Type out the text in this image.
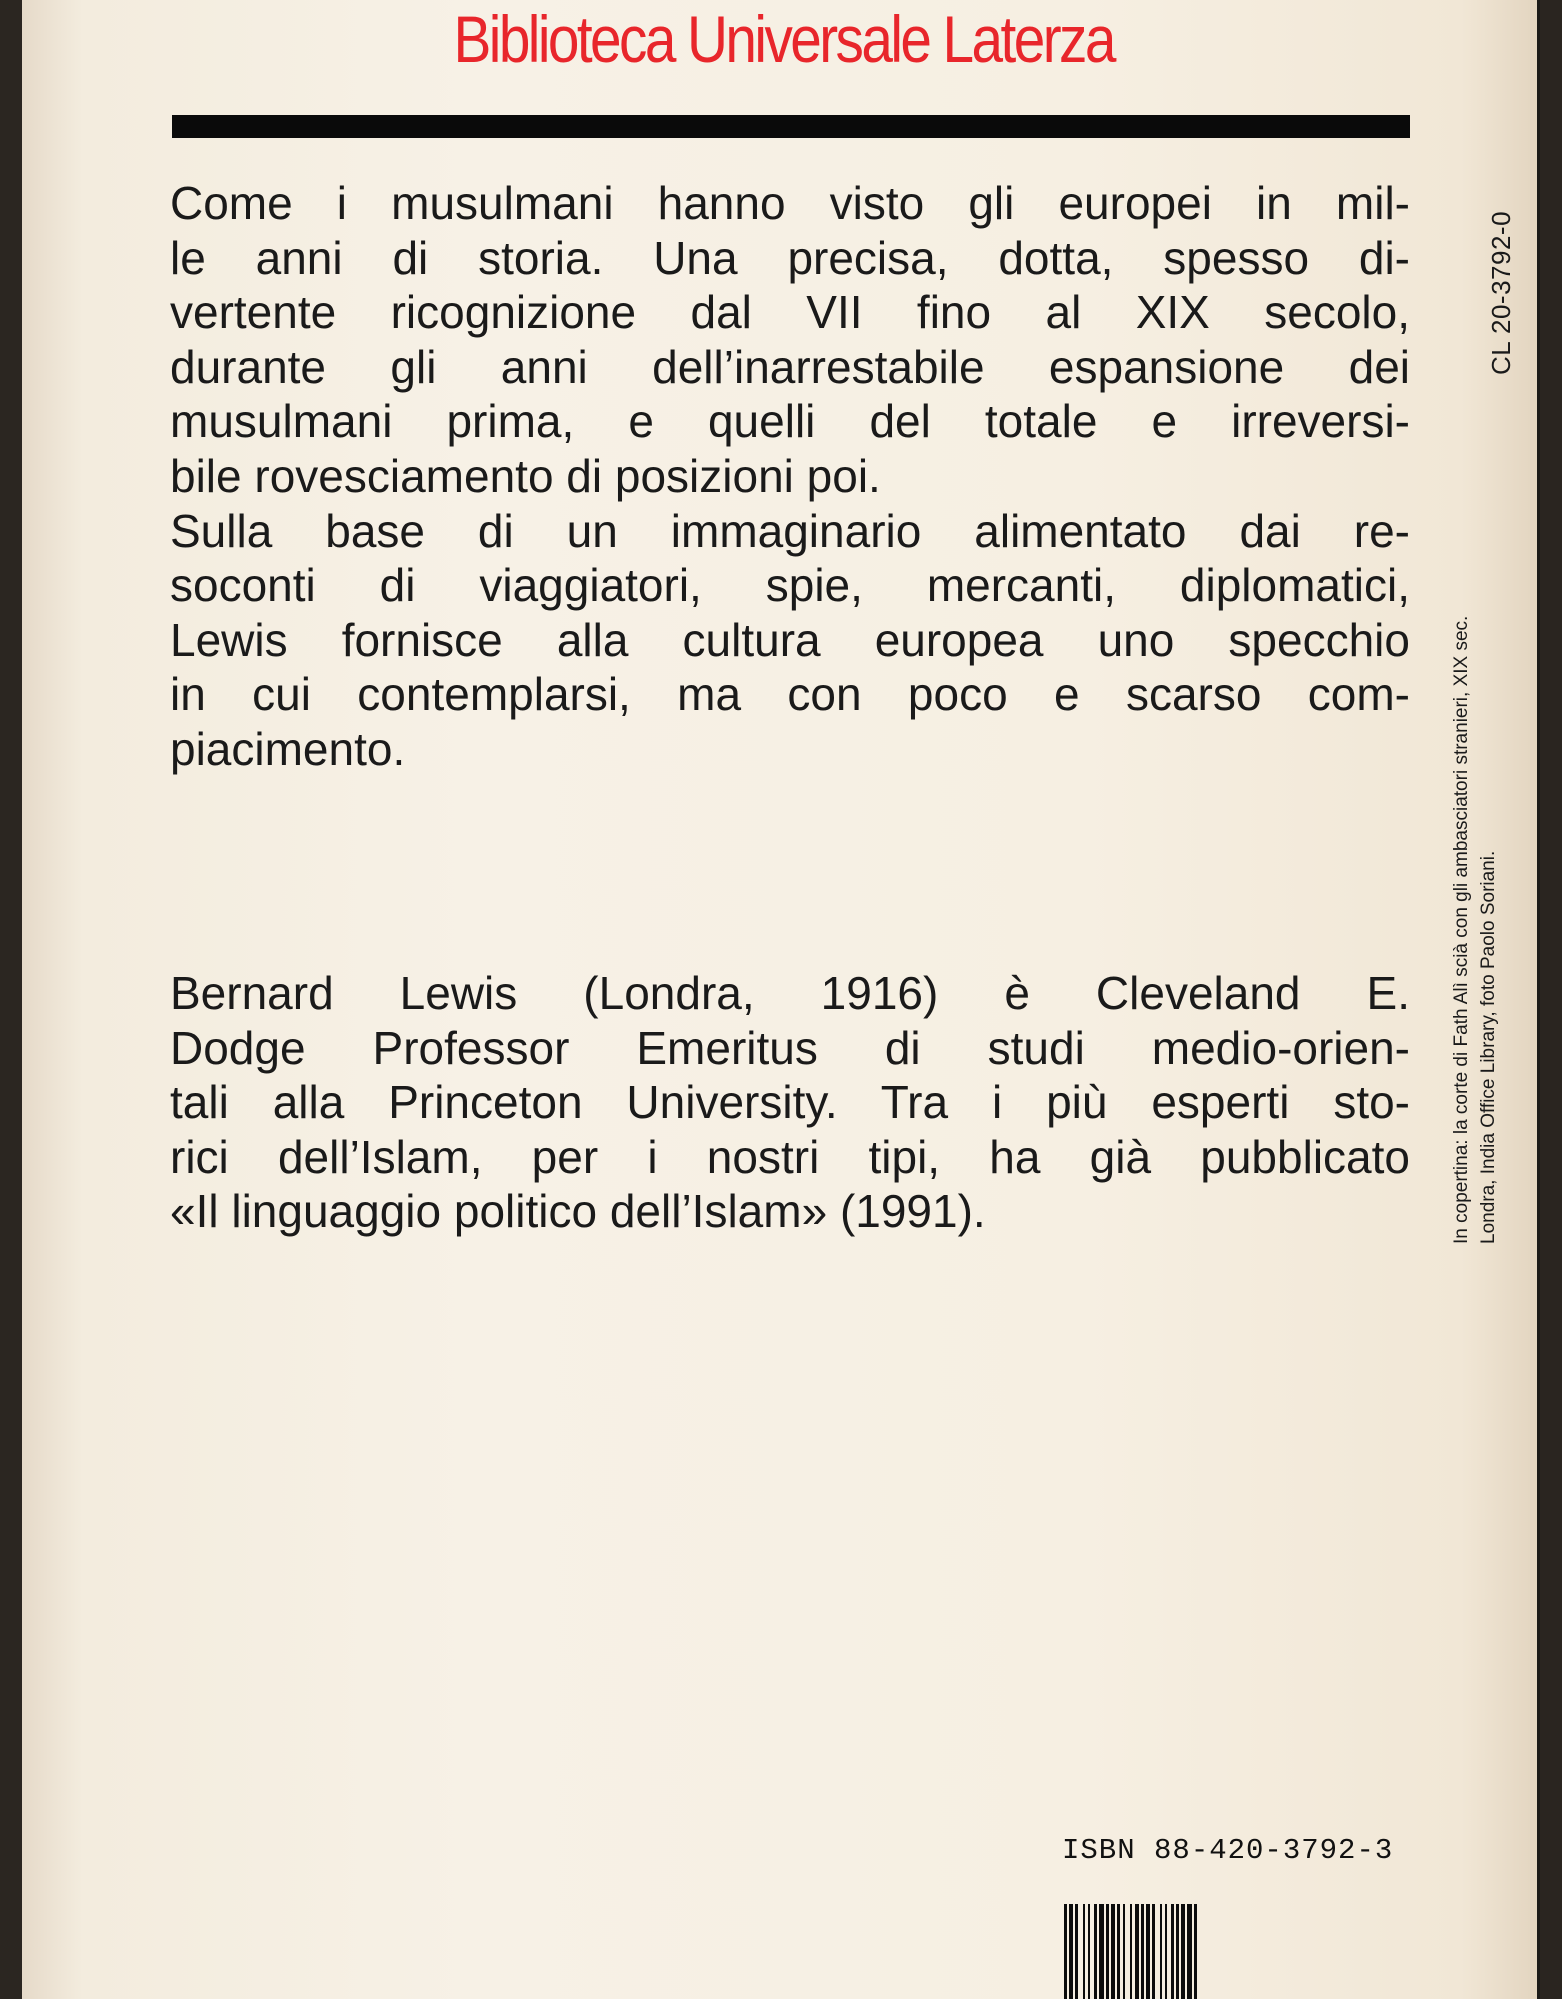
Biblioteca Universale Laterza
Come i musulmani hanno visto gli europei in mil-
le anni di storia. Una precisa, dotta, spesso di-
vertente ricognizione dal VII fino al XIX secolo,
durante gli anni dell’inarrestabile espansione dei
musulmani prima, e quelli del totale e irreversi-
bile rovesciamento di posizioni poi.
Sulla base di un immaginario alimentato dai re-
soconti di viaggiatori, spie, mercanti, diplomatici,
Lewis fornisce alla cultura europea uno specchio
in cui contemplarsi, ma con poco e scarso com-
piacimento.
Bernard Lewis (Londra, 1916) è Cleveland E.
Dodge Professor Emeritus di studi medio-orien-
tali alla Princeton University. Tra i più esperti sto-
rici dell’Islam, per i nostri tipi, ha già pubblicato
«Il linguaggio politico dell’Islam» (1991).
CL 20-3792-0
In copertina: la corte di Fath Alì scià con gli ambasciatori stranieri, XIX sec. Londra, India Office Library, foto Paolo Soriani.
ISBN 88-420-3792-3
